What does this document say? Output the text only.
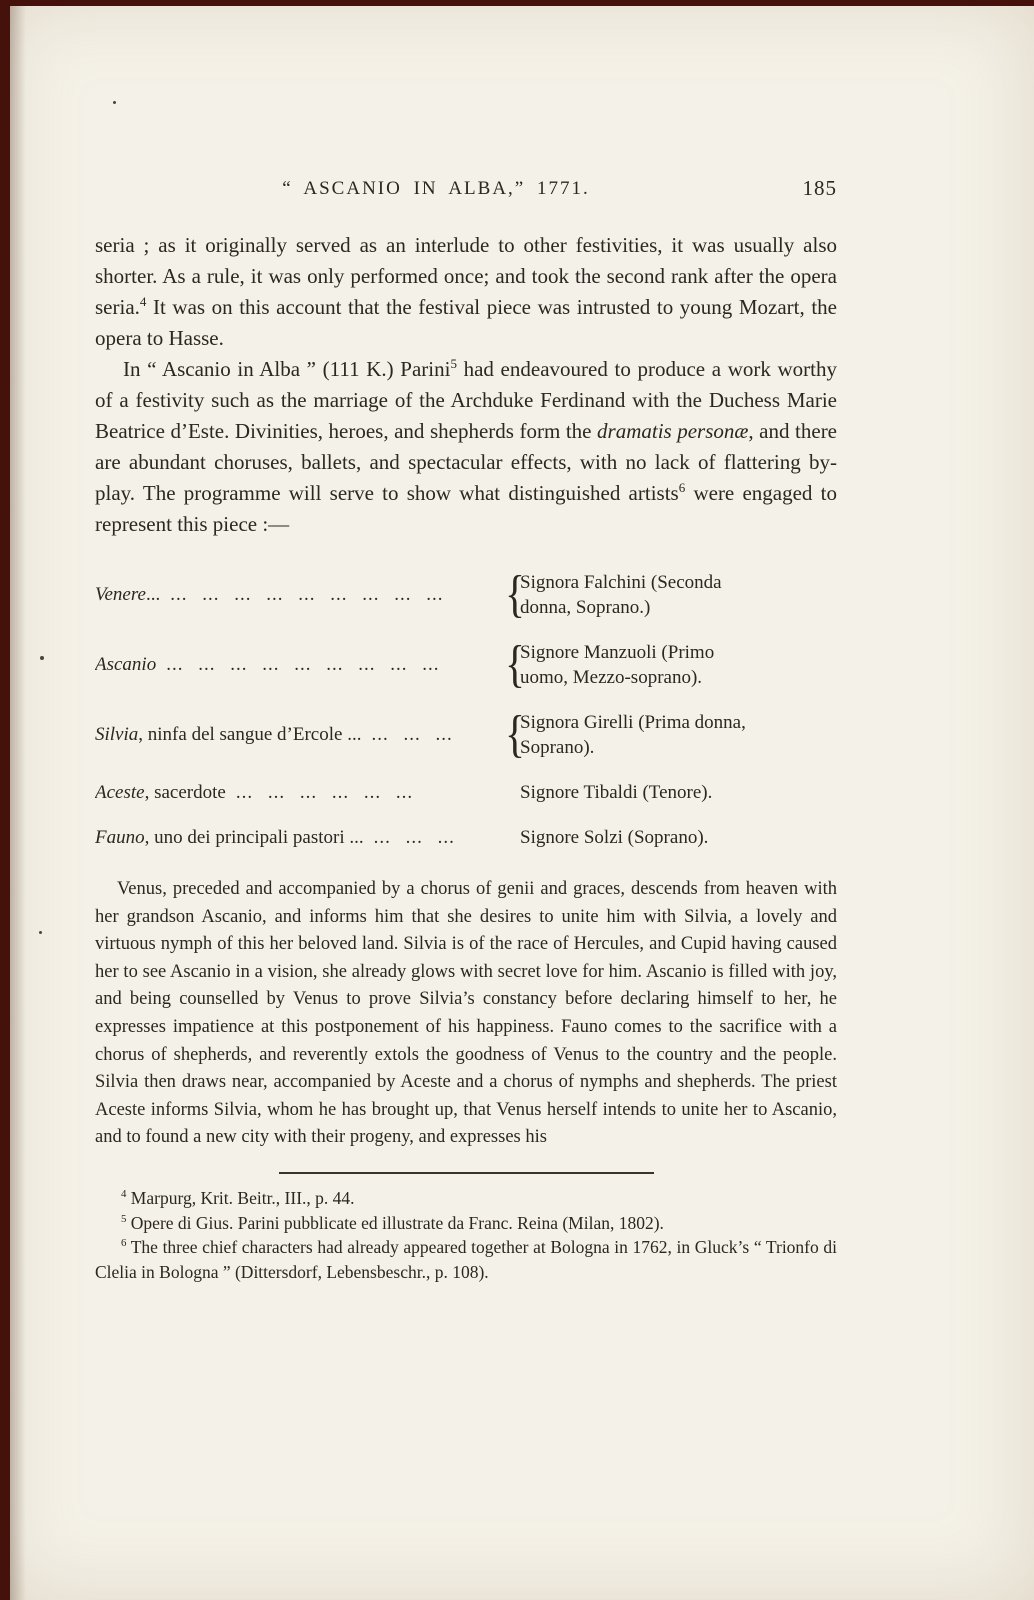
“ ASCANIO IN ALBA,” 1771.	185

seria ; as it originally served as an interlude to other festivities, it was usually also shorter. As a rule, it was only performed once; and took the second rank after the opera seria.$^4$ It was on this account that the festival piece was intrusted to young Mozart, the opera to Hasse.

In “ Ascanio in Alba ” (111 K.) Parini$^5$ had endeavoured to produce a work worthy of a festivity such as the marriage of the Archduke Ferdinand with the Duchess Marie Beatrice d’Este. Divinities, heroes, and shepherds form the dramatis personæ, and there are abundant choruses, ballets, and spectacular effects, with no lack of flattering by-play. The programme will serve to show what distinguished artists$^6$ were engaged to represent this piece :—

Venere... ... ... ... ... ... ... ... ... ...	{
Signora Falchini (Seconda
donna, Soprano.)
Ascanio ... ... ... ... ... ... ... ... ...	{
Signore Manzuoli (Primo
uomo, Mezzo-soprano).
Silvia, ninfa del sangue d’Ercole ... ... ... ...	{
Signora Girelli (Prima donna,
Soprano).
Aceste, sacerdote ... ... ... ... ... ...	Signore Tibaldi (Tenore).
Fauno, uno dei principali pastori ... ... ... ...	Signore Solzi (Soprano).

Venus, preceded and accompanied by a chorus of genii and graces, descends from heaven with her grandson Ascanio, and informs him that she desires to unite him with Silvia, a lovely and virtuous nymph of this her beloved land. Silvia is of the race of Hercules, and Cupid having caused her to see Ascanio in a vision, she already glows with secret love for him. Ascanio is filled with joy, and being counselled by Venus to prove Silvia’s constancy before declaring himself to her, he expresses impatience at this postponement of his happiness. Fauno comes to the sacrifice with a chorus of shepherds, and reverently extols the goodness of Venus to the country and the people. Silvia then draws near, accompanied by Aceste and a chorus of nymphs and shepherds. The priest Aceste informs Silvia, whom he has brought up, that Venus herself intends to unite her to Ascanio, and to found a new city with their progeny, and expresses his

$^4$ Marpurg, Krit. Beitr., III., p. 44.

$^5$ Opere di Gius. Parini pubblicate ed illustrate da Franc. Reina (Milan, 1802).

$^6$ The three chief characters had already appeared together at Bologna in 1762, in Gluck’s “ Trionfo di Clelia in Bologna ” (Dittersdorf, Lebensbeschr., p. 108).
